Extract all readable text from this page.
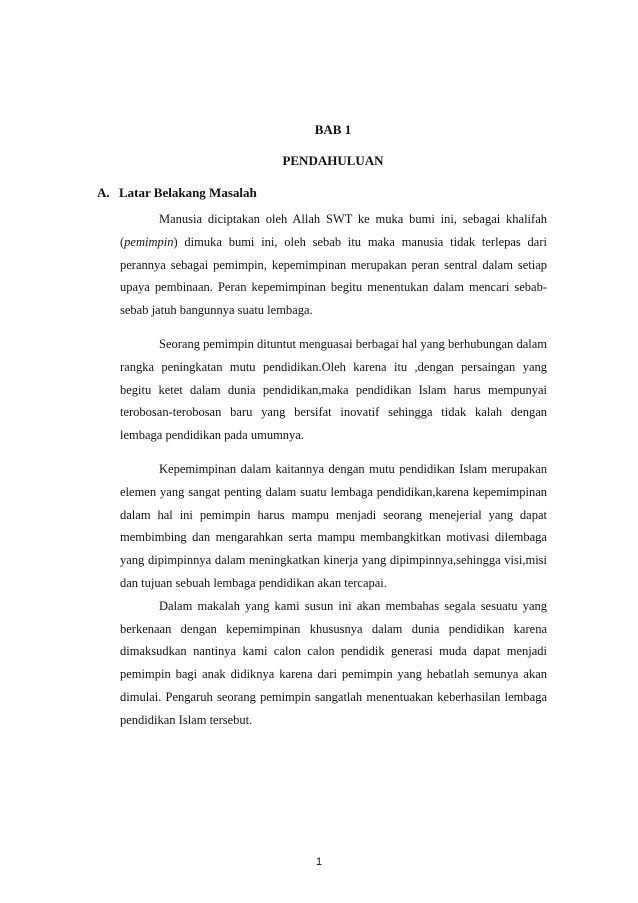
BAB 1
PENDAHULUAN
A. Latar Belakang Masalah

Manusia diciptakan oleh Allah SWT ke muka bumi ini, sebagai khalifah (pemimpin) dimuka bumi ini, oleh sebab itu maka manusia tidak terlepas dari perannya sebagai pemimpin, kepemimpinan merupakan peran sentral dalam setiap upaya pembinaan. Peran kepemimpinan begitu menentukan dalam mencari sebab-sebab jatuh bangunnya suatu lembaga.

Seorang pemimpin dituntut menguasai berbagai hal yang berhubungan dalam rangka peningkatan mutu pendidikan.Oleh karena itu ,dengan persaingan yang begitu ketet dalam dunia pendidikan,maka pendidikan Islam harus mempunyai terobosan-terobosan baru yang bersifat inovatif sehingga tidak kalah dengan lembaga pendidikan pada umumnya.

Kepemimpinan dalam kaitannya dengan mutu pendidikan Islam merupakan elemen yang sangat penting dalam suatu lembaga pendidikan,karena kepemimpinan dalam hal ini pemimpin harus mampu menjadi seorang menejerial yang dapat membimbing dan mengarahkan serta mampu membangkitkan motivasi dilembaga yang dipimpinnya dalam meningkatkan kinerja yang dipimpinnya,sehingga visi,misi dan tujuan sebuah lembaga pendidikan akan tercapai.

Dalam makalah yang kami susun ini akan membahas segala sesuatu yang berkenaan dengan kepemimpinan khususnya dalam dunia pendidikan karena dimaksudkan nantinya kami calon calon pendidik generasi muda dapat menjadi pemimpin bagi anak didiknya karena dari pemimpin yang hebatlah semunya akan dimulai. Pengaruh seorang pemimpin sangatlah menentuakan keberhasilan lembaga pendidikan Islam tersebut.

1
